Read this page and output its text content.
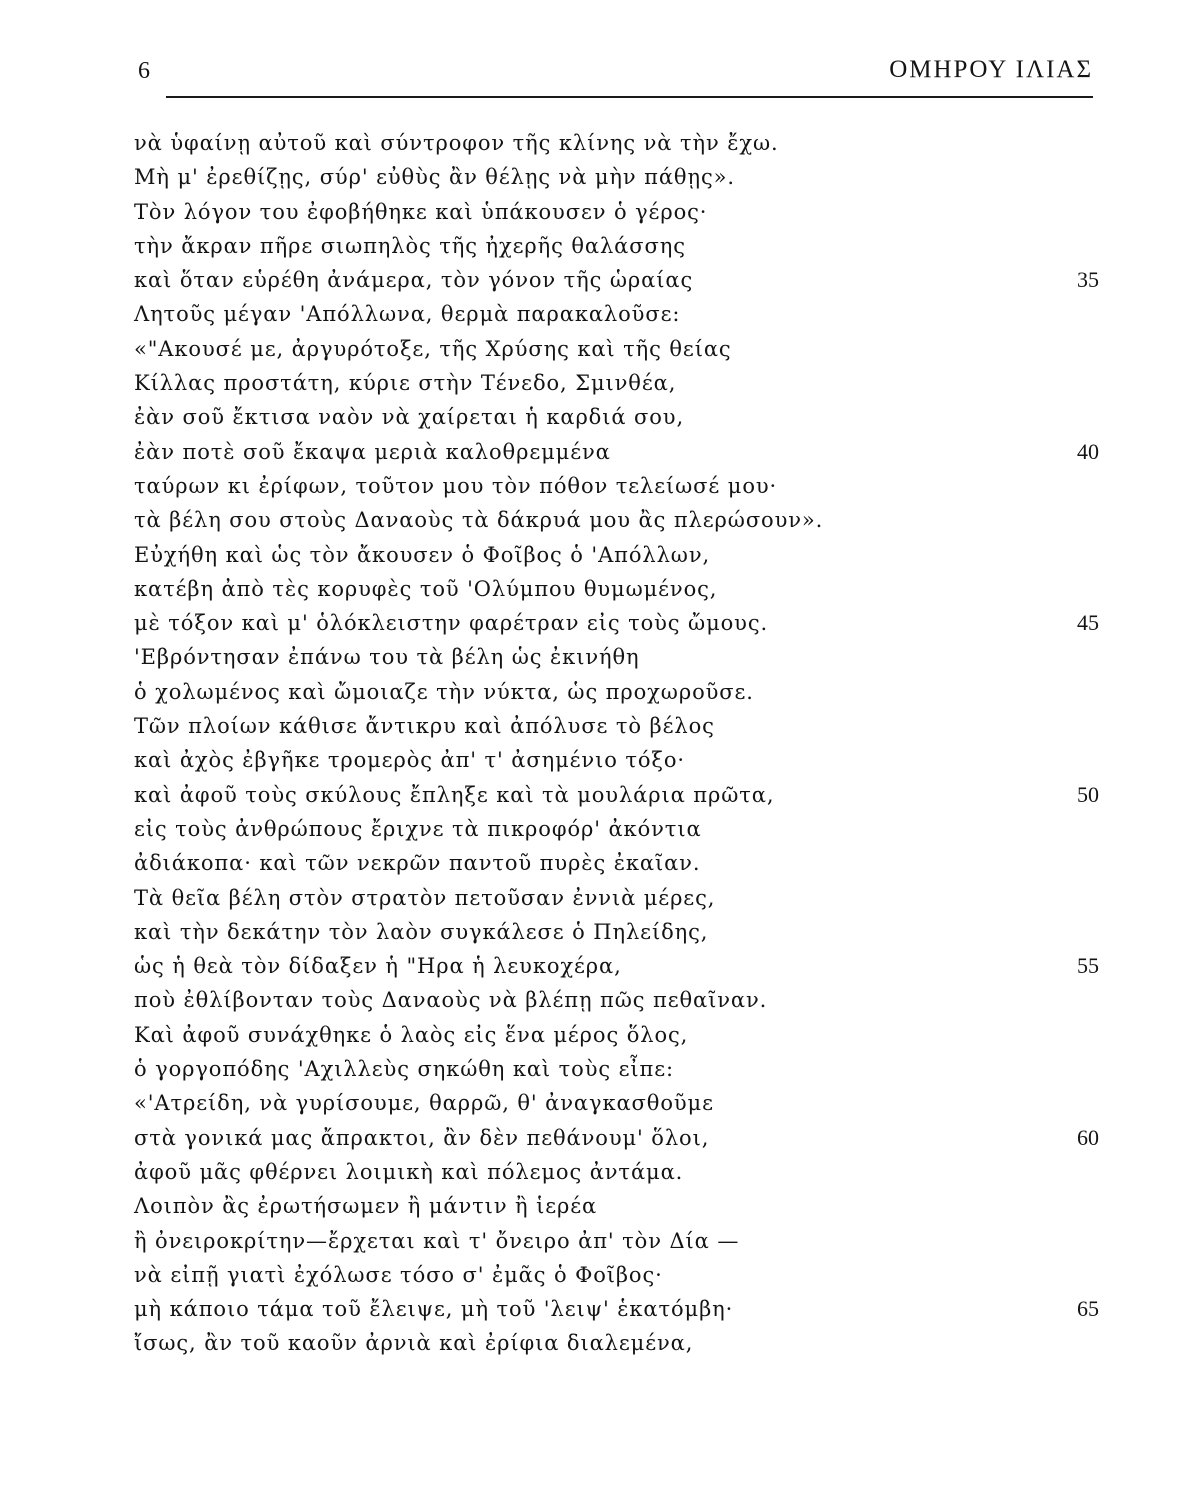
6	ΟΜΗΡΟΥ ΙΛΙΑΣ
νὰ ὑφαίνῃ αὐτοῦ καὶ σύντροφον τῆς κλίνης νὰ τὴν ἔχω.
Μὴ μ' ἐρεθίζῃς, σύρ' εὐθὺς ἂν θέλῃς νὰ μὴν πάθῃς».
Τὸν λόγον του ἐφοβήθηκε καὶ ὑπάκουσεν ὁ γέρος·
τὴν ἄκραν πῆρε σιωπηλὸς τῆς ἠχερῆς θαλάσσης
καὶ ὅταν εὑρέθη ἀνάμερα, τὸν γόνον τῆς ὡραίας	35
Λητοῦς μέγαν 'Απόλλωνα, θερμὰ παρακαλοῦσε:
«"Ακουσέ με, ἀργυρότοξε, τῆς Χρύσης καὶ τῆς θείας
Κίλλας προστάτη, κύριε στὴν Τένεδο, Σμινθέα,
ἐὰν σοῦ ἔκτισα ναὸν νὰ χαίρεται ἡ καρδιά σου,
ἐὰν ποτὲ σοῦ ἔκαψα μεριὰ καλοθρεμμένα	40
ταύρων κι ἐρίφων, τοῦτον μου τὸν πόθον τελείωσέ μου·
τὰ βέλη σου στοὺς Δαναοὺς τὰ δάκρυά μου ἂς πλερώσουν».
Εὐχήθη καὶ ὡς τὸν ἄκουσεν ὁ Φοῖβος ὁ 'Απόλλων,
κατέβη ἀπὸ τὲς κορυφὲς τοῦ 'Ολύμπου θυμωμένος,
μὲ τόξον καὶ μ' ὁλόκλειστην φαρέτραν εἰς τοὺς ὤμους.	45
'Εβρόντησαν ἐπάνω του τὰ βέλη ὡς ἐκινήθη
ὁ χολωμένος καὶ ὤμοιαζε τὴν νύκτα, ὡς προχωροῦσε.
Τῶν πλοίων κάθισε ἄντικρυ καὶ ἀπόλυσε τὸ βέλος
καὶ ἀχὸς ἐβγῆκε τρομερὸς ἀπ' τ' ἀσημένιο τόξο·
καὶ ἀφοῦ τοὺς σκύλους ἔπληξε καὶ τὰ μουλάρια πρῶτα,	50
εἰς τοὺς ἀνθρώπους ἔριχνε τὰ πικροφόρ' ἀκόντια
ἀδιάκοπα· καὶ τῶν νεκρῶν παντοῦ πυρὲς ἐκαῖαν.
Τὰ θεῖα βέλη στὸν στρατὸν πετοῦσαν ἐννιὰ μέρες,
καὶ τὴν δεκάτην τὸν λαὸν συγκάλεσε ὁ Πηλείδης,
ὡς ἡ θεὰ τὸν δίδαξεν ἡ "Ηρα ἡ λευκοχέρα,	55
ποὺ ἐθλίβονταν τοὺς Δαναοὺς νὰ βλέπῃ πῶς πεθαῖναν.
Καὶ ἀφοῦ συνάχθηκε ὁ λαὸς εἰς ἕνα μέρος ὅλος,
ὁ γοργοπόδης 'Αχιλλεὺς σηκώθη καὶ τοὺς εἶπε:
«'Ατρείδη, νὰ γυρίσουμε, θαρρῶ, θ' ἀναγκασθοῦμε
στὰ γονικά μας ἄπρακτοι, ἂν δὲν πεθάνουμ' ὅλοι,	60
ἀφοῦ μᾶς φθέρνει λοιμικὴ καὶ πόλεμος ἀντάμα.
Λοιπὸν ἂς ἐρωτήσωμεν ἢ μάντιν ἢ ἱερέα
ἢ ὀνειροκρίτην—ἔρχεται καὶ τ' ὄνειρο ἀπ' τὸν Δία —
νὰ εἰπῇ γιατὶ ἐχόλωσε τόσο σ' ἐμᾶς ὁ Φοῖβος·
μὴ κάποιο τάμα τοῦ ἔλειψε, μὴ τοῦ 'λειψ' ἑκατόμβη·	65
ἴσως, ἂν τοῦ καοῦν ἀρνιὰ καὶ ἐρίφια διαλεμένα,
